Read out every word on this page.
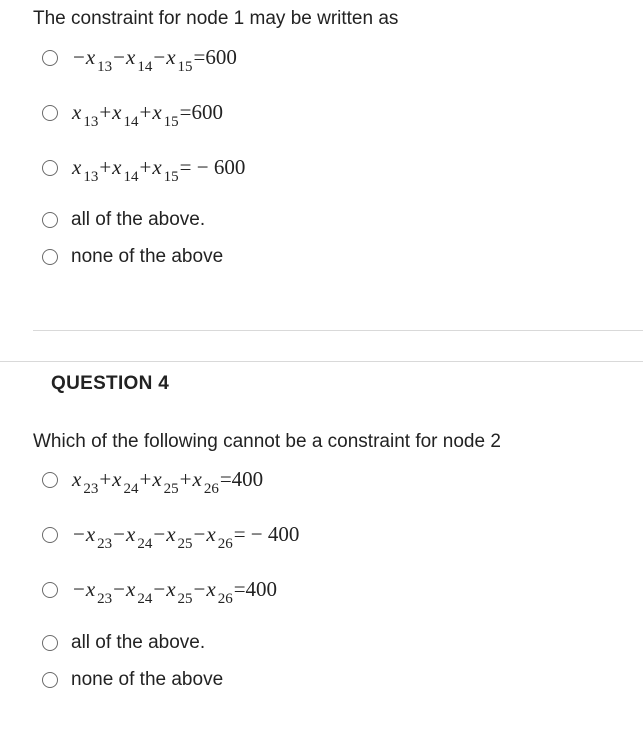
The constraint for node 1 may be written as
− x 13 − x 14 − x 15 =600
x 13 + x 14 + x 15 =600
x 13 + x 14 + x 15 = − 600
all of the above.
none of the above
QUESTION 4
Which of the following cannot be a constraint for node 2
x 23 + x 24 + x 25 + x 26 =400
− x 23 − x 24 − x 25 − x 26 = − 400
− x 23 − x 24 − x 25 − x 26 =400
all of the above.
none of the above
